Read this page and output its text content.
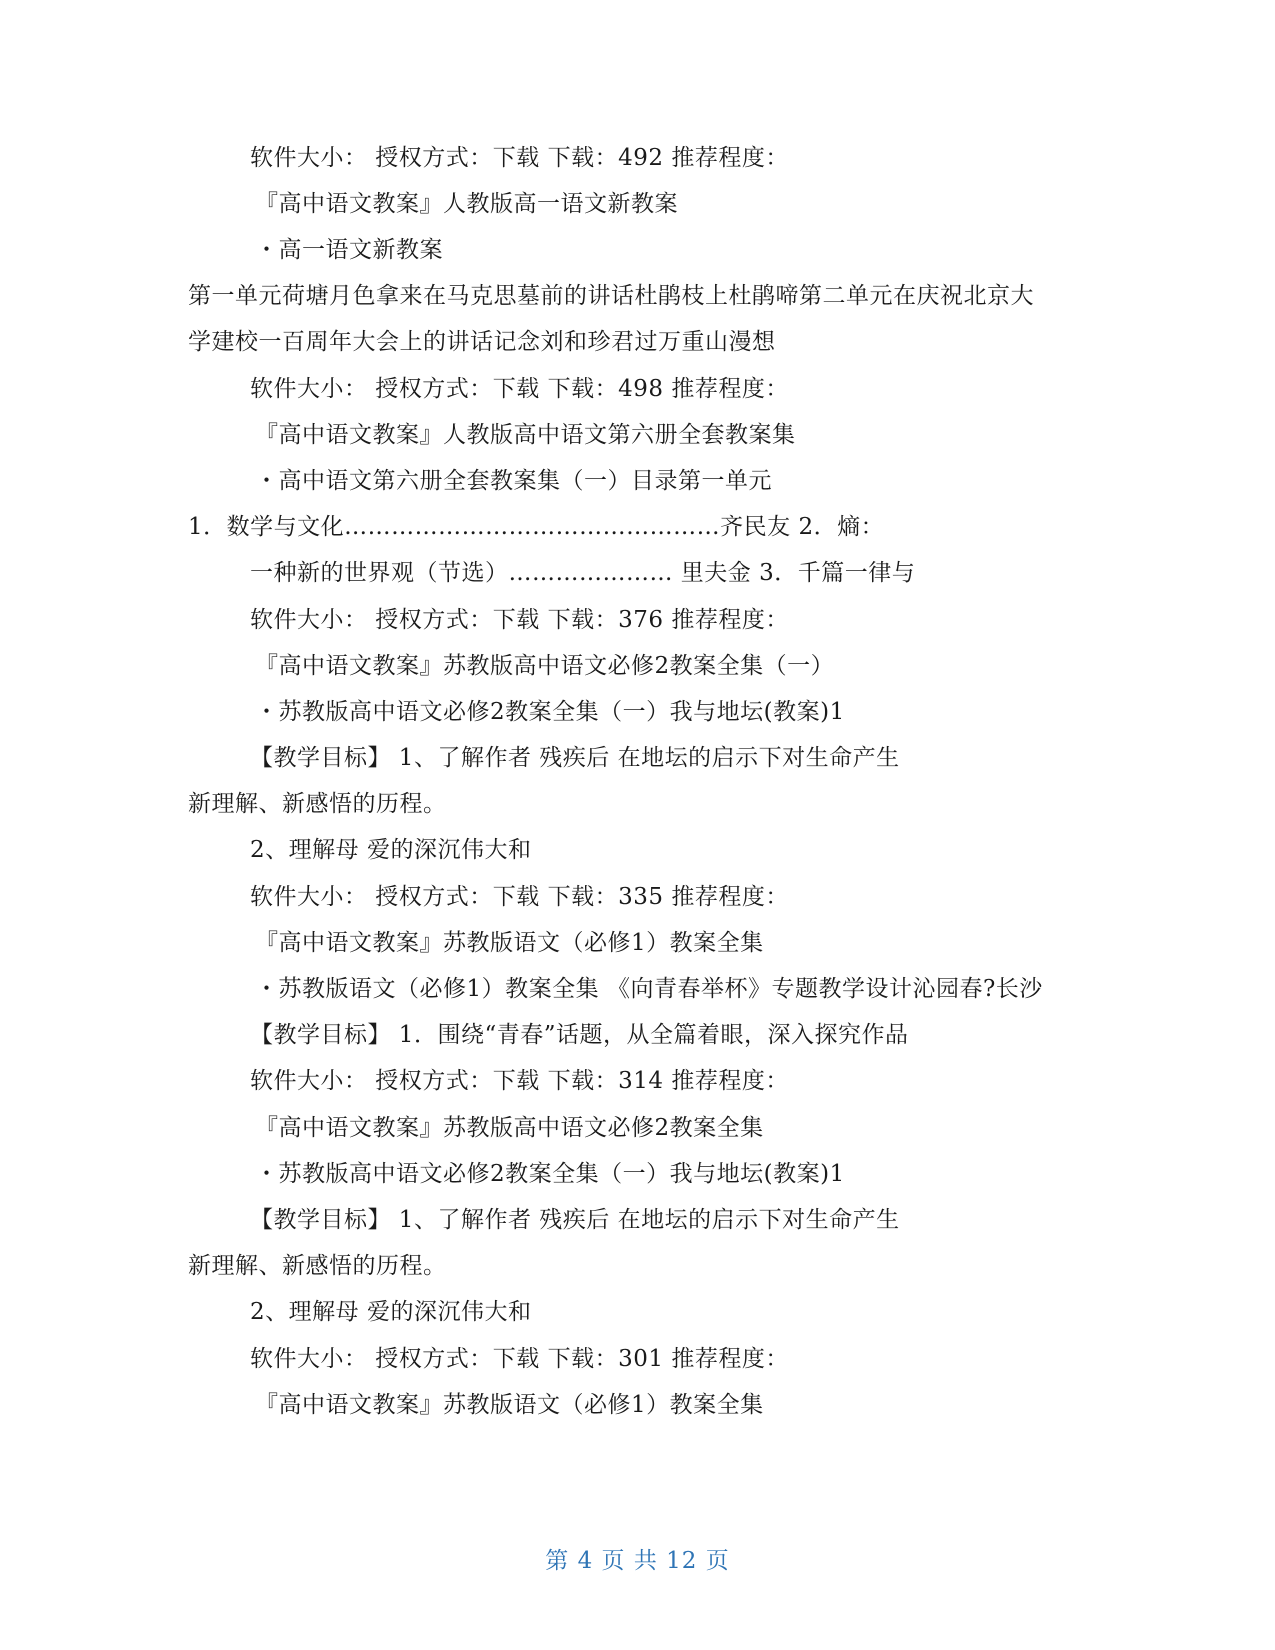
软件大小： 授权方式：下载 下载：492 推荐程度：
『高中语文教案』人教版高一语文新教案
・高一语文新教案
第一单元荷塘月色拿来在马克思墓前的讲话杜鹃枝上杜鹃啼第二单元在庆祝北京大
学建校一百周年大会上的讲话记念刘和珍君过万重山漫想
软件大小： 授权方式：下载 下载：498 推荐程度：
『高中语文教案』人教版高中语文第六册全套教案集
・高中语文第六册全套教案集（一）目录第一单元
1．数学与文化…………………………………………齐民友 2．熵：
一种新的世界观（节选）………………… 里夫金 3．千篇一律与
软件大小： 授权方式：下载 下载：376 推荐程度：
『高中语文教案』苏教版高中语文必修2教案全集（一）
・苏教版高中语文必修2教案全集（一）我与地坛(教案)1
【教学目标】 1、了解作者 残疾后 在地坛的启示下对生命产生
新理解、新感悟的历程。
2、理解母 爱的深沉伟大和
软件大小： 授权方式：下载 下载：335 推荐程度：
『高中语文教案』苏教版语文（必修1）教案全集
・苏教版语文（必修1）教案全集 《向青春举杯》专题教学设计沁园春?长沙
【教学目标】 1．围绕“青春”话题，从全篇着眼，深入探究作品
软件大小： 授权方式：下载 下载：314 推荐程度：
『高中语文教案』苏教版高中语文必修2教案全集
・苏教版高中语文必修2教案全集（一）我与地坛(教案)1
【教学目标】 1、了解作者 残疾后 在地坛的启示下对生命产生
新理解、新感悟的历程。
2、理解母 爱的深沉伟大和
软件大小： 授权方式：下载 下载：301 推荐程度：
『高中语文教案』苏教版语文（必修1）教案全集
第 4 页 共 12 页
